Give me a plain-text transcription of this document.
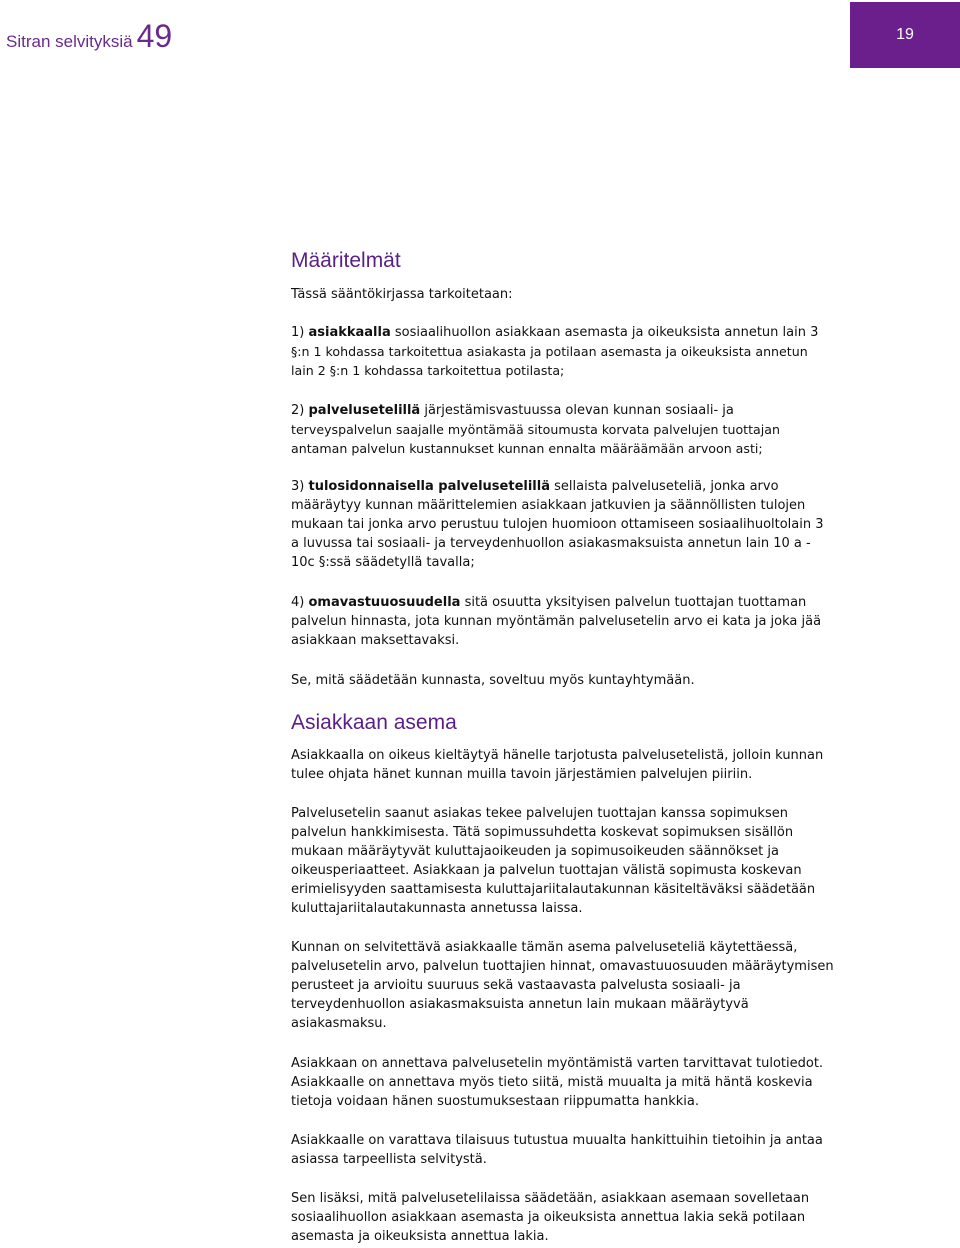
Sitran selvityksiä 49	19
Määritelmät

Tässä sääntökirjassa tarkoitetaan:

1) asiakkaalla sosiaalihuollon asiakkaan asemasta ja oikeuksista annetun lain 3

§:n 1 kohdassa tarkoitettua asiakasta ja potilaan asemasta ja oikeuksista annetun

lain 2 §:n 1 kohdassa tarkoitettua potilasta;

2) palvelusetelillä järjestämisvastuussa olevan kunnan sosiaali- ja

terveyspalvelun saajalle myöntämää sitoumusta korvata palvelujen tuottajan

antaman palvelun kustannukset kunnan ennalta määräämään arvoon asti;

3) tulosidonnaisella palvelusetelillä sellaista palveluseteliä, jonka arvo

määräytyy kunnan määrittelemien asiakkaan jatkuvien ja säännöllisten tulojen

mukaan tai jonka arvo perustuu tulojen huomioon ottamiseen sosiaalihuoltolain 3

a luvussa tai sosiaali- ja terveydenhuollon asiakasmaksuista annetun lain 10 a -

10c §:ssä säädetyllä tavalla;

4) omavastuuosuudella sitä osuutta yksityisen palvelun tuottajan tuottaman

palvelun hinnasta, jota kunnan myöntämän palvelusetelin arvo ei kata ja joka jää

asiakkaan maksettavaksi.

Se, mitä säädetään kunnasta, soveltuu myös kuntayhtymään.

Asiakkaan asema

Asiakkaalla on oikeus kieltäytyä hänelle tarjotusta palvelusetelistä, jolloin kunnan

tulee ohjata hänet kunnan muilla tavoin järjestämien palvelujen piiriin.

Palvelusetelin saanut asiakas tekee palvelujen tuottajan kanssa sopimuksen

palvelun hankkimisesta. Tätä sopimussuhdetta koskevat sopimuksen sisällön

mukaan määräytyvät kuluttajaoikeuden ja sopimusoikeuden säännökset ja

oikeusperiaatteet. Asiakkaan ja palvelun tuottajan välistä sopimusta koskevan

erimielisyyden saattamisesta kuluttajariitalautakunnan käsiteltäväksi säädetään

kuluttajariitalautakunnasta annetussa laissa.

Kunnan on selvitettävä asiakkaalle tämän asema palveluseteliä käytettäessä,

palvelusetelin arvo, palvelun tuottajien hinnat, omavastuuosuuden määräytymisen

perusteet ja arvioitu suuruus sekä vastaavasta palvelusta sosiaali- ja

terveydenhuollon asiakasmaksuista annetun lain mukaan määräytyvä

asiakasmaksu.

Asiakkaan on annettava palvelusetelin myöntämistä varten tarvittavat tulotiedot.

Asiakkaalle on annettava myös tieto siitä, mistä muualta ja mitä häntä koskevia

tietoja voidaan hänen suostumuksestaan riippumatta hankkia.

Asiakkaalle on varattava tilaisuus tutustua muualta hankittuihin tietoihin ja antaa

asiassa tarpeellista selvitystä.

Sen lisäksi, mitä palvelusetelilaissa säädetään, asiakkaan asemaan sovelletaan

sosiaalihuollon asiakkaan asemasta ja oikeuksista annettua lakia sekä potilaan

asemasta ja oikeuksista annettua lakia.
